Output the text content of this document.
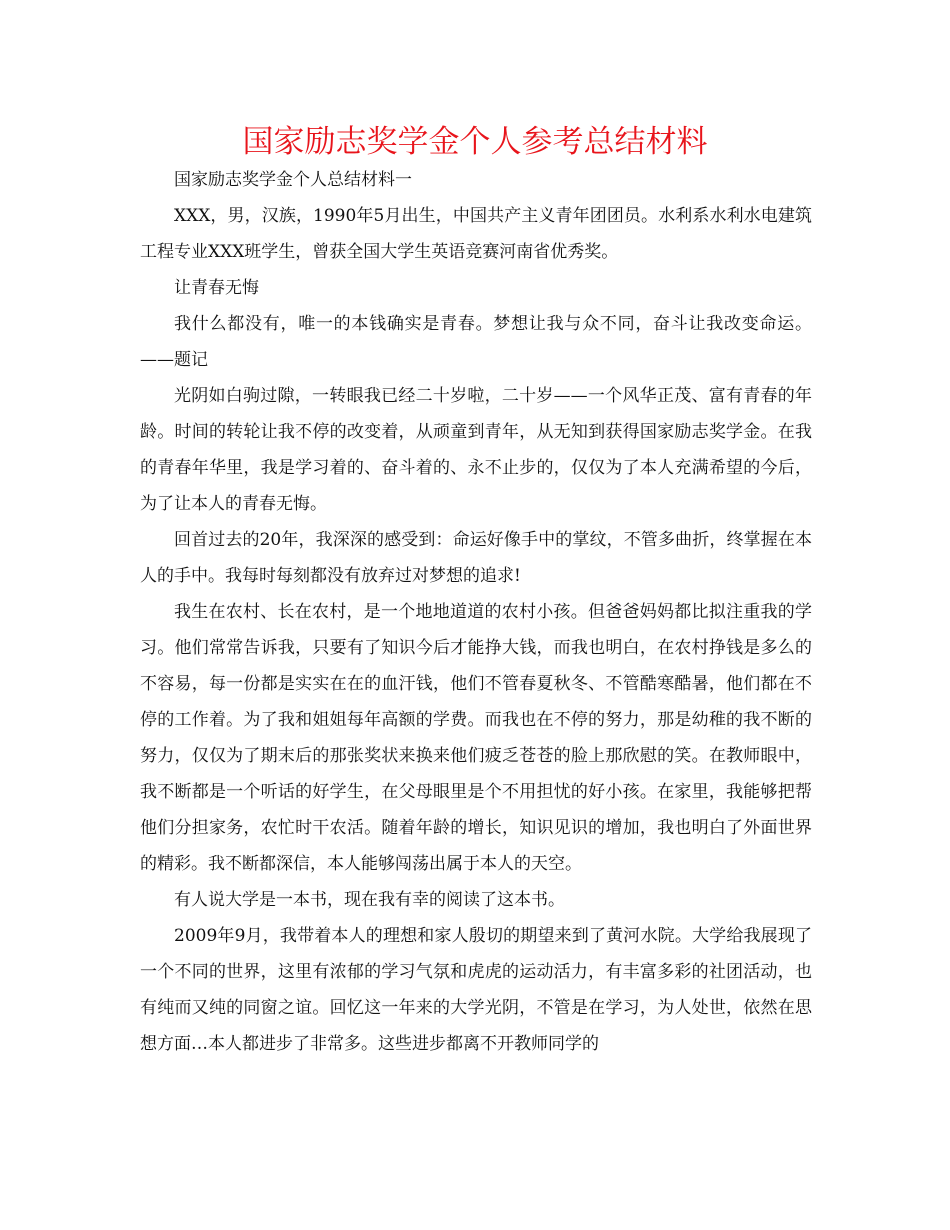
国家励志奖学金个人参考总结材料

国家励志奖学金个人总结材料一

XXX，男，汉族，1990年5月出生，中国共产主义青年团团员。水利系水利水电建筑工程专业XXX班学生，曾获全国大学生英语竞赛河南省优秀奖。

让青春无悔

我什么都没有，唯一的本钱确实是青春。梦想让我与众不同，奋斗让我改变命运。——题记

光阴如白驹过隙，一转眼我已经二十岁啦，二十岁——一个风华正茂、富有青春的年龄。时间的转轮让我不停的改变着，从顽童到青年，从无知到获得国家励志奖学金。在我的青春年华里，我是学习着的、奋斗着的、永不止步的，仅仅为了本人充满希望的今后，为了让本人的青春无悔。

回首过去的20年，我深深的感受到：命运好像手中的掌纹，不管多曲折，终掌握在本人的手中。我每时每刻都没有放弃过对梦想的追求!

我生在农村、长在农村，是一个地地道道的农村小孩。但爸爸妈妈都比拟注重我的学习。他们常常告诉我，只要有了知识今后才能挣大钱，而我也明白，在农村挣钱是多么的不容易，每一份都是实实在在的血汗钱，他们不管春夏秋冬、不管酷寒酷暑，他们都在不停的工作着。为了我和姐姐每年高额的学费。而我也在不停的努力，那是幼稚的我不断的努力，仅仅为了期末后的那张奖状来换来他们疲乏苍苍的脸上那欣慰的笑。在教师眼中，我不断都是一个听话的好学生，在父母眼里是个不用担忧的好小孩。在家里，我能够把帮他们分担家务，农忙时干农活。随着年龄的增长，知识见识的增加，我也明白了外面世界的精彩。我不断都深信，本人能够闯荡出属于本人的天空。

有人说大学是一本书，现在我有幸的阅读了这本书。

2009年9月，我带着本人的理想和家人殷切的期望来到了黄河水院。大学给我展现了一个不同的世界，这里有浓郁的学习气氛和虎虎的运动活力，有丰富多彩的社团活动，也有纯而又纯的同窗之谊。回忆这一年来的大学光阴，不管是在学习，为人处世，依然在思想方面…本人都进步了非常多。这些进步都离不开教师同学的
